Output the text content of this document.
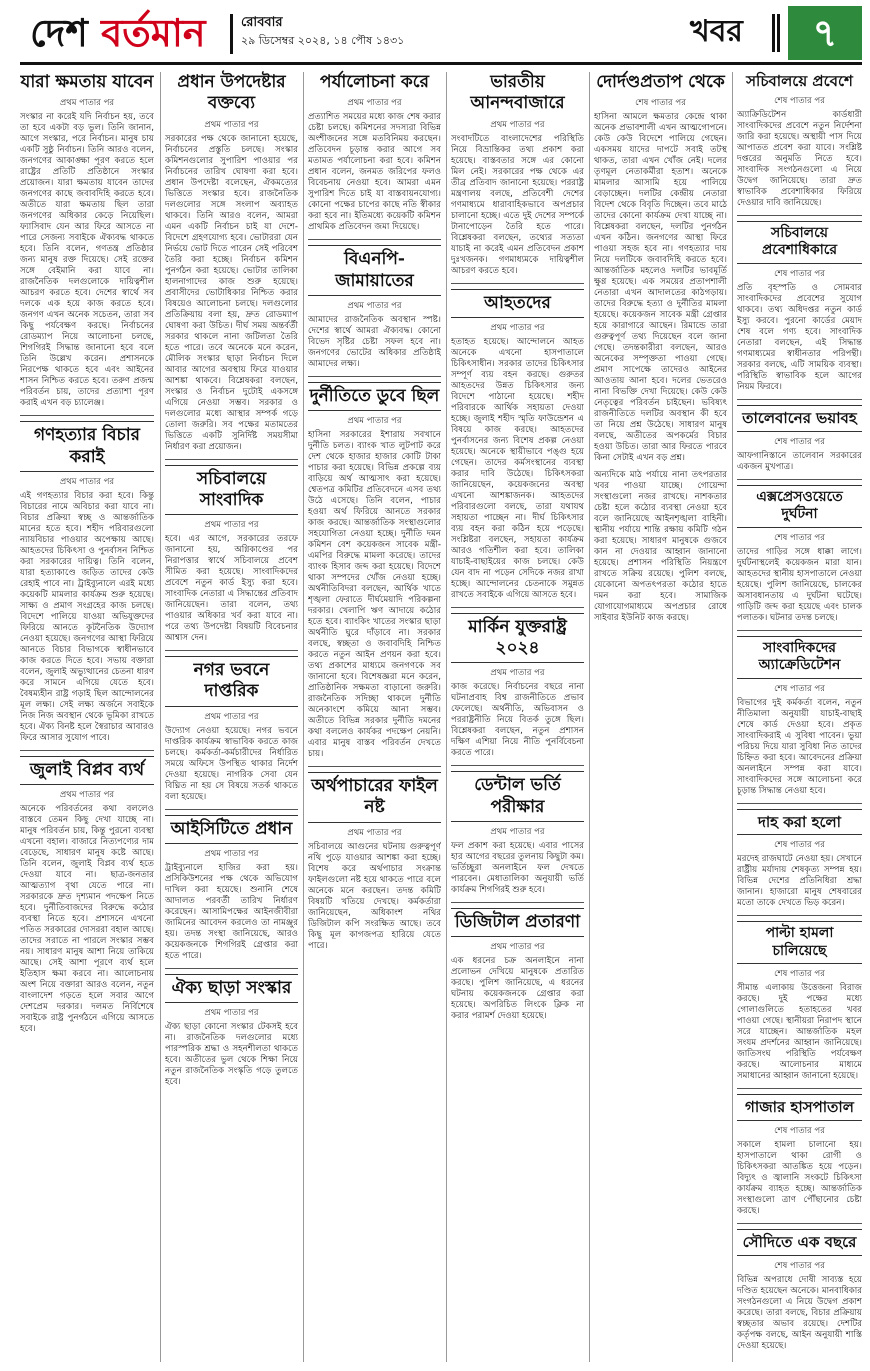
দেশ বর্তমান	রোববার
২৯ ডিসেম্বর ২০২৪, ১৪ পৌষ ১৪৩১	খবর	৭
যারা ক্ষমতায় যাবেন
প্রথম পাতার পর

সংস্কার না করেই যদি নির্বাচন হয়, তবে তা হবে একটা বড় ভুল। তিনি জানান, আগে সংস্কার, পরে নির্বাচন। মানুষ চায় একটি সুষ্ঠু নির্বাচন। তিনি আরও বলেন, জনগণের আকাঙ্ক্ষা পূরণ করতে হলে রাষ্ট্রের প্রতিটি প্রতিষ্ঠানে সংস্কার প্রয়োজন। যারা ক্ষমতায় যাবেন তাদের জনগণের কাছে জবাবদিহি করতে হবে। অতীতে যারা ক্ষমতায় ছিল তারা জনগণের অধিকার কেড়ে নিয়েছিল। ফ্যাসিবাদ যেন আর ফিরে আসতে না পারে সেজন্য সবাইকে ঐক্যবদ্ধ থাকতে হবে। তিনি বলেন, গণতন্ত্র প্রতিষ্ঠার জন্য মানুষ রক্ত দিয়েছে। সেই রক্তের সঙ্গে বেইমানি করা যাবে না। রাজনৈতিক দলগুলোকে দায়িত্বশীল আচরণ করতে হবে। দেশের স্বার্থে সব দলকে এক হয়ে কাজ করতে হবে। জনগণ এখন অনেক সচেতন, তারা সব কিছু পর্যবেক্ষণ করছে। নির্বাচনের রোডম্যাপ নিয়ে আলোচনা চলছে, শিগগিরই সিদ্ধান্ত জানানো হবে বলে তিনি উল্লেখ করেন। প্রশাসনকে নিরপেক্ষ থাকতে হবে এবং আইনের শাসন নিশ্চিত করতে হবে। তরুণ প্রজন্ম পরিবর্তন চায়, তাদের প্রত্যাশা পূরণ করাই এখন বড় চ্যালেঞ্জ।

গণহত্যার বিচার করাই
প্রথম পাতার পর

এই গণহত্যার বিচার করা হবে। কিন্তু বিচারের নামে অবিচার করা যাবে না। বিচার প্রক্রিয়া স্বচ্ছ ও আন্তর্জাতিক মানের হতে হবে। শহীদ পরিবারগুলো ন্যায়বিচার পাওয়ার অপেক্ষায় আছে। আহতদের চিকিৎসা ও পুনর্বাসন নিশ্চিত করা সরকারের দায়িত্ব। তিনি বলেন, যারা হত্যাকাণ্ডে জড়িত তাদের কেউ রেহাই পাবে না। ট্রাইব্যুনালে এরই মধ্যে কয়েকটি মামলার কার্যক্রম শুরু হয়েছে। সাক্ষ্য ও প্রমাণ সংগ্রহের কাজ চলছে। বিদেশে পালিয়ে যাওয়া অভিযুক্তদের ফিরিয়ে আনতে কূটনৈতিক উদ্যোগ নেওয়া হয়েছে। জনগণের আস্থা ফিরিয়ে আনতে বিচার বিভাগকে স্বাধীনভাবে কাজ করতে দিতে হবে। সভায় বক্তারা বলেন, জুলাই অভ্যুত্থানের চেতনা ধারণ করে সামনে এগিয়ে যেতে হবে। বৈষম্যহীন রাষ্ট্র গড়াই ছিল আন্দোলনের মূল লক্ষ্য। সেই লক্ষ্য অর্জনে সবাইকে নিজ নিজ অবস্থান থেকে ভূমিকা রাখতে হবে। ঐক্য বিনষ্ট হলে স্বৈরাচার আবারও ফিরে আসার সুযোগ পাবে।

জুলাই বিপ্লব ব্যর্থ
প্রথম পাতার পর

অনেকে পরিবর্তনের কথা বললেও বাস্তবে তেমন কিছু দেখা যাচ্ছে না। মানুষ পরিবর্তন চায়, কিন্তু পুরনো ব্যবস্থা এখনো বহাল। বাজারে নিত্যপণ্যের দাম বেড়েছে, সাধারণ মানুষ কষ্টে আছে। তিনি বলেন, জুলাই বিপ্লব ব্যর্থ হতে দেওয়া যাবে না। ছাত্র-জনতার আত্মত্যাগ বৃথা যেতে পারে না। সরকারকে দ্রুত দৃশ্যমান পদক্ষেপ নিতে হবে। দুর্নীতিবাজদের বিরুদ্ধে কঠোর ব্যবস্থা নিতে হবে। প্রশাসনে এখনো পতিত সরকারের দোসররা বহাল আছে। তাদের সরাতে না পারলে সংস্কার সম্ভব নয়। সাধারণ মানুষ আশা নিয়ে তাকিয়ে আছে। সেই আশা পূরণে ব্যর্থ হলে ইতিহাস ক্ষমা করবে না। আলোচনায় অংশ নিয়ে বক্তারা আরও বলেন, নতুন বাংলাদেশ গড়তে হলে সবার আগে দেশপ্রেম দরকার। দলমত নির্বিশেষে সবাইকে রাষ্ট্র পুনর্গঠনে এগিয়ে আসতে হবে।

প্রধান উপদেষ্টার বক্তব্যে
প্রথম পাতার পর

সরকারের পক্ষ থেকে জানানো হয়েছে, নির্বাচনের প্রস্তুতি চলছে। সংস্কার কমিশনগুলোর সুপারিশ পাওয়ার পর নির্বাচনের তারিখ ঘোষণা করা হবে। প্রধান উপদেষ্টা বলেছেন, ঐকমত্যের ভিত্তিতে সংস্কার হবে। রাজনৈতিক দলগুলোর সঙ্গে সংলাপ অব্যাহত থাকবে। তিনি আরও বলেন, আমরা এমন একটি নির্বাচন চাই যা দেশে-বিদেশে গ্রহণযোগ্য হবে। ভোটাররা যেন নির্ভয়ে ভোট দিতে পারেন সেই পরিবেশ তৈরি করা হচ্ছে। নির্বাচন কমিশন পুনর্গঠন করা হয়েছে। ভোটার তালিকা হালনাগাদের কাজ শুরু হয়েছে। প্রবাসীদের ভোটাধিকার নিশ্চিত করার বিষয়েও আলোচনা চলছে। দলগুলোর প্রতিক্রিয়ায় বলা হয়, দ্রুত রোডম্যাপ ঘোষণা করা উচিত। দীর্ঘ সময় অন্তর্বর্তী সরকার থাকলে নানা জটিলতা তৈরি হতে পারে। তবে অনেকে মনে করেন, মৌলিক সংস্কার ছাড়া নির্বাচন দিলে আবার আগের অবস্থায় ফিরে যাওয়ার আশঙ্কা থাকবে। বিশ্লেষকরা বলছেন, সংস্কার ও নির্বাচন দুটোই একসঙ্গে এগিয়ে নেওয়া সম্ভব। সরকার ও দলগুলোর মধ্যে আস্থার সম্পর্ক গড়ে তোলা জরুরি। সব পক্ষের মতামতের ভিত্তিতে একটি সুনির্দিষ্ট সময়সীমা নির্ধারণ করা প্রয়োজন।

সচিবালয়ে সাংবাদিক
প্রথম পাতার পর

হবে। এর আগে, সরকারের তরফে জানানো হয়, অগ্নিকাণ্ডের পর নিরাপত্তার স্বার্থে সচিবালয়ে প্রবেশ সীমিত করা হয়েছে। সাংবাদিকদের প্রবেশে নতুন কার্ড ইস্যু করা হবে। সাংবাদিক নেতারা এ সিদ্ধান্তের প্রতিবাদ জানিয়েছেন। তারা বলেন, তথ্য পাওয়ার অধিকার খর্ব করা যাবে না। পরে তথ্য উপদেষ্টা বিষয়টি বিবেচনার আশ্বাস দেন।

নগর ভবনে দাপ্তরিক
প্রথম পাতার পর

উদ্যোগ নেওয়া হয়েছে। নগর ভবনে দাপ্তরিক কার্যক্রম স্বাভাবিক করতে কাজ চলছে। কর্মকর্তা-কর্মচারীদের নির্ধারিত সময়ে অফিসে উপস্থিত থাকার নির্দেশ দেওয়া হয়েছে। নাগরিক সেবা যেন বিঘ্নিত না হয় সে বিষয়ে সতর্ক থাকতে বলা হয়েছে।

আইসিটিতে প্রধান
প্রথম পাতার পর

ট্রাইব্যুনালে হাজির করা হয়। প্রসিকিউশনের পক্ষ থেকে অভিযোগ দাখিল করা হয়েছে। শুনানি শেষে আদালত পরবর্তী তারিখ নির্ধারণ করেছেন। আসামিপক্ষের আইনজীবীরা জামিনের আবেদন করলেও তা নামঞ্জুর হয়। তদন্ত সংস্থা জানিয়েছে, আরও কয়েকজনকে শিগগিরই গ্রেপ্তার করা হতে পারে।

ঐক্য ছাড়া সংস্কার
প্রথম পাতার পর

ঐক্য ছাড়া কোনো সংস্কার টেকসই হবে না। রাজনৈতিক দলগুলোর মধ্যে পারস্পরিক শ্রদ্ধা ও সহনশীলতা থাকতে হবে। অতীতের ভুল থেকে শিক্ষা নিয়ে নতুন রাজনৈতিক সংস্কৃতি গড়ে তুলতে হবে।

পর্যালোচনা করে
প্রথম পাতার পর

প্রত্যাশিত সময়ের মধ্যে কাজ শেষ করার চেষ্টা চলছে। কমিশনের সদস্যরা বিভিন্ন অংশীজনের সঙ্গে মতবিনিময় করছেন। প্রতিবেদন চূড়ান্ত করার আগে সব মতামত পর্যালোচনা করা হবে। কমিশন প্রধান বলেন, জনমত জরিপের ফলও বিবেচনায় নেওয়া হবে। আমরা এমন সুপারিশ দিতে চাই যা বাস্তবায়নযোগ্য। কোনো পক্ষের চাপের কাছে নতি স্বীকার করা হবে না। ইতিমধ্যে কয়েকটি কমিশন প্রাথমিক প্রতিবেদন জমা দিয়েছে।

বিএনপি-জামায়াতের
প্রথম পাতার পর

আমাদের রাজনৈতিক অবস্থান স্পষ্ট। দেশের স্বার্থে আমরা ঐক্যবদ্ধ। কোনো বিভেদ সৃষ্টির চেষ্টা সফল হবে না। জনগণের ভোটের অধিকার প্রতিষ্ঠাই আমাদের লক্ষ্য।

দুর্নীতিতে ডুবে ছিল
প্রথম পাতার পর

হাসিনা সরকারের ইশারায় সবখানে দুর্নীতি চলত। ব্যাংক খাত লুটপাট করে দেশ থেকে হাজার হাজার কোটি টাকা পাচার করা হয়েছে। বিভিন্ন প্রকল্পে ব্যয় বাড়িয়ে অর্থ আত্মসাৎ করা হয়েছে। শ্বেতপত্র কমিটির প্রতিবেদনে এসব তথ্য উঠে এসেছে। তিনি বলেন, পাচার হওয়া অর্থ ফিরিয়ে আনতে সরকার কাজ করছে। আন্তর্জাতিক সংস্থাগুলোর সহযোগিতা নেওয়া হচ্ছে। দুর্নীতি দমন কমিশন বেশ কয়েকজন সাবেক মন্ত্রী-এমপির বিরুদ্ধে মামলা করেছে। তাদের ব্যাংক হিসাব জব্দ করা হয়েছে। বিদেশে থাকা সম্পদের খোঁজ নেওয়া হচ্ছে। অর্থনীতিবিদরা বলছেন, আর্থিক খাতে শৃঙ্খলা ফেরাতে দীর্ঘমেয়াদি পরিকল্পনা দরকার। খেলাপি ঋণ আদায়ে কঠোর হতে হবে। ব্যাংকিং খাতের সংস্কার ছাড়া অর্থনীতি ঘুরে দাঁড়াবে না। সরকার বলছে, স্বচ্ছতা ও জবাবদিহি নিশ্চিত করতে নতুন আইন প্রণয়ন করা হবে। তথ্য প্রকাশের মাধ্যমে জনগণকে সব জানানো হবে। বিশেষজ্ঞরা মনে করেন, প্রাতিষ্ঠানিক সক্ষমতা বাড়ানো জরুরি। রাজনৈতিক সদিচ্ছা থাকলে দুর্নীতি অনেকাংশে কমিয়ে আনা সম্ভব। অতীতে বিভিন্ন সরকার দুর্নীতি দমনের কথা বললেও কার্যকর পদক্ষেপ নেয়নি। এবার মানুষ বাস্তব পরিবর্তন দেখতে চায়।

অর্থপাচারের ফাইল নষ্ট
প্রথম পাতার পর

সচিবালয়ে আগুনের ঘটনায় গুরুত্বপূর্ণ নথি পুড়ে যাওয়ার আশঙ্কা করা হচ্ছে। বিশেষ করে অর্থপাচার সংক্রান্ত ফাইলগুলো নষ্ট হয়ে থাকতে পারে বলে অনেকে মনে করছেন। তদন্ত কমিটি বিষয়টি খতিয়ে দেখছে। কর্মকর্তারা জানিয়েছেন, অধিকাংশ নথির ডিজিটাল কপি সংরক্ষিত আছে। তবে কিছু মূল কাগজপত্র হারিয়ে যেতে পারে।

ভারতীয় আনন্দবাজারে
প্রথম পাতার পর

সংবাদটিতে বাংলাদেশের পরিস্থিতি নিয়ে বিভ্রান্তিকর তথ্য প্রকাশ করা হয়েছে। বাস্তবতার সঙ্গে এর কোনো মিল নেই। সরকারের পক্ষ থেকে এর তীব্র প্রতিবাদ জানানো হয়েছে। পররাষ্ট্র মন্ত্রণালয় বলছে, প্রতিবেশী দেশের গণমাধ্যমে ধারাবাহিকভাবে অপপ্রচার চালানো হচ্ছে। এতে দুই দেশের সম্পর্কে টানাপোড়েন তৈরি হতে পারে। বিশ্লেষকরা বলছেন, তথ্যের সত্যতা যাচাই না করেই এমন প্রতিবেদন প্রকাশ দুঃখজনক। গণমাধ্যমকে দায়িত্বশীল আচরণ করতে হবে।

আহতদের
প্রথম পাতার পর

হতাহত হয়েছে। আন্দোলনে আহত অনেকে এখনো হাসপাতালে চিকিৎসাধীন। সরকার তাদের চিকিৎসার সম্পূর্ণ ব্যয় বহন করছে। গুরুতর আহতদের উন্নত চিকিৎসার জন্য বিদেশে পাঠানো হয়েছে। শহীদ পরিবারকে আর্থিক সহায়তা দেওয়া হচ্ছে। জুলাই শহীদ স্মৃতি ফাউন্ডেশন এ বিষয়ে কাজ করছে। আহতদের পুনর্বাসনের জন্য বিশেষ প্রকল্প নেওয়া হয়েছে। অনেকে স্থায়ীভাবে পঙ্গু হয়ে গেছেন। তাদের কর্মসংস্থানের ব্যবস্থা করার দাবি উঠেছে। চিকিৎসকরা জানিয়েছেন, কয়েকজনের অবস্থা এখনো আশঙ্কাজনক। আহতদের পরিবারগুলো বলছে, তারা যথাযথ সহায়তা পাচ্ছেন না। দীর্ঘ চিকিৎসার ব্যয় বহন করা কঠিন হয়ে পড়েছে। সংশ্লিষ্টরা বলছেন, সহায়তা কার্যক্রম আরও গতিশীল করা হবে। তালিকা যাচাই-বাছাইয়ের কাজ চলছে। কেউ যেন বাদ না পড়েন সেদিকে নজর রাখা হচ্ছে। আন্দোলনের চেতনাকে সমুন্নত রাখতে সবাইকে এগিয়ে আসতে হবে।

মার্কিন যুক্তরাষ্ট্র ২০২৪
প্রথম পাতার পর

কাজ করেছে। নির্বাচনের বছরে নানা ঘটনাপ্রবাহ বিশ্ব রাজনীতিতে প্রভাব ফেলেছে। অর্থনীতি, অভিবাসন ও পররাষ্ট্রনীতি নিয়ে বিতর্ক তুঙ্গে ছিল। বিশ্লেষকরা বলছেন, নতুন প্রশাসন দক্ষিণ এশিয়া নিয়ে নীতি পুনর্বিবেচনা করতে পারে।

ডেন্টাল ভর্তি পরীক্ষার
প্রথম পাতার পর

ফল প্রকাশ করা হয়েছে। এবার পাসের হার আগের বছরের তুলনায় কিছুটা কম। ভর্তিচ্ছুরা অনলাইনে ফল দেখতে পারবেন। মেধাতালিকা অনুযায়ী ভর্তি কার্যক্রম শিগগিরই শুরু হবে।

ডিজিটাল প্রতারণা
প্রথম পাতার পর

এক ধরনের চক্র অনলাইনে নানা প্রলোভন দেখিয়ে মানুষকে প্রতারিত করছে। পুলিশ জানিয়েছে, এ ধরনের ঘটনায় কয়েকজনকে গ্রেপ্তার করা হয়েছে। অপরিচিত লিংকে ক্লিক না করার পরামর্শ দেওয়া হয়েছে।

দোর্দণ্ডপ্রতাপ থেকে
শেষ পাতার পর

হাসিনা আমলে ক্ষমতার কেন্দ্রে থাকা অনেক প্রভাবশালী এখন আত্মগোপনে। কেউ কেউ বিদেশে পালিয়ে গেছেন। একসময় যাদের দাপটে সবাই তটস্থ থাকত, তারা এখন খোঁজ নেই। দলের তৃণমূল নেতাকর্মীরা হতাশ। অনেকে মামলার আসামি হয়ে পালিয়ে বেড়াচ্ছেন। দলটির কেন্দ্রীয় নেতারা বিদেশ থেকে বিবৃতি দিচ্ছেন। তবে মাঠে তাদের কোনো কার্যক্রম দেখা যাচ্ছে না। বিশ্লেষকরা বলছেন, দলটির পুনর্গঠন এখন কঠিন। জনগণের আস্থা ফিরে পাওয়া সহজ হবে না। গণহত্যার দায় নিয়ে দলটিকে জবাবদিহি করতে হবে। আন্তর্জাতিক মহলেও দলটির ভাবমূর্তি ক্ষুণ্ণ হয়েছে। এক সময়ের প্রতাপশালী নেতারা এখন আদালতের কাঠগড়ায়। তাদের বিরুদ্ধে হত্যা ও দুর্নীতির মামলা হয়েছে। কয়েকজন সাবেক মন্ত্রী গ্রেপ্তার হয়ে কারাগারে আছেন। রিমান্ডে তারা গুরুত্বপূর্ণ তথ্য দিয়েছেন বলে জানা গেছে। তদন্তকারীরা বলছেন, আরও অনেকের সম্পৃক্ততা পাওয়া গেছে। প্রমাণ সাপেক্ষে তাদেরও আইনের আওতায় আনা হবে। দলের ভেতরেও নানা বিভক্তি দেখা দিয়েছে। কেউ কেউ নেতৃত্বের পরিবর্তন চাইছেন। ভবিষ্যৎ রাজনীতিতে দলটির অবস্থান কী হবে তা নিয়ে প্রশ্ন উঠেছে। সাধারণ মানুষ বলছে, অতীতের অপকর্মের বিচার হওয়া উচিত। তারা আর ফিরতে পারবে কিনা সেটাই এখন বড় প্রশ্ন।

অন্যদিকে মাঠ পর্যায়ে নানা তৎপরতার খবর পাওয়া যাচ্ছে। গোয়েন্দা সংস্থাগুলো নজর রাখছে। নাশকতার চেষ্টা হলে কঠোর ব্যবস্থা নেওয়া হবে বলে জানিয়েছে আইনশৃঙ্খলা বাহিনী। স্থানীয় পর্যায়ে শান্তি রক্ষায় কমিটি গঠন করা হয়েছে। সাধারণ মানুষকে গুজবে কান না দেওয়ার আহ্বান জানানো হয়েছে। প্রশাসন পরিস্থিতি নিয়ন্ত্রণে রাখতে সক্রিয় রয়েছে। পুলিশ বলছে, যেকোনো অপতৎপরতা কঠোর হাতে দমন করা হবে। সামাজিক যোগাযোগমাধ্যমে অপপ্রচার রোধে সাইবার ইউনিট কাজ করছে।

সচিবালয়ে প্রবেশে
শেষ পাতার পর

অ্যাক্রিডিটেশন কার্ডধারী সাংবাদিকদের প্রবেশে নতুন নির্দেশনা জারি করা হয়েছে। অস্থায়ী পাস দিয়ে আপাতত প্রবেশ করা যাবে। সংশ্লিষ্ট দপ্তরের অনুমতি নিতে হবে। সাংবাদিক সংগঠনগুলো এ নিয়ে উদ্বেগ জানিয়েছে। তারা দ্রুত স্বাভাবিক প্রবেশাধিকার ফিরিয়ে দেওয়ার দাবি জানিয়েছে।

সচিবালয়ে প্রবেশাধিকারে
শেষ পাতার পর

প্রতি বৃহস্পতি ও সোমবার সাংবাদিকদের প্রবেশের সুযোগ থাকবে। তথ্য অধিদপ্তর নতুন কার্ড ইস্যু করবে। পুরনো কার্ডের মেয়াদ শেষ বলে গণ্য হবে। সাংবাদিক নেতারা বলছেন, এই সিদ্ধান্ত গণমাধ্যমের স্বাধীনতার পরিপন্থী। সরকার বলছে, এটি সাময়িক ব্যবস্থা। পরিস্থিতি স্বাভাবিক হলে আগের নিয়ম ফিরবে।

তালেবানের ভয়াবহ
শেষ পাতার পর

আফগানিস্তানে তালেবান সরকারের একজন মুখপাত্র।

এক্সপ্রেসওয়েতে দুর্ঘটনা
শেষ পাতার পর

তাদের গাড়ির সঙ্গে ধাক্কা লাগে। দুর্ঘটনাস্থলেই কয়েকজন মারা যান। আহতদের স্থানীয় হাসপাতালে নেওয়া হয়েছে। পুলিশ জানিয়েছে, চালকের অসাবধানতায় এ দুর্ঘটনা ঘটেছে। গাড়িটি জব্দ করা হয়েছে এবং চালক পলাতক। ঘটনার তদন্ত চলছে।

সাংবাদিকদের অ্যাক্রেডিটেশন
শেষ পাতার পর

বিভাগের দুই কর্মকর্তা বলেন, নতুন নীতিমালা অনুযায়ী যাচাই-বাছাই শেষে কার্ড দেওয়া হবে। প্রকৃত সাংবাদিকরাই এ সুবিধা পাবেন। ভুয়া পরিচয় দিয়ে যারা সুবিধা নিত তাদের চিহ্নিত করা হবে। আবেদনের প্রক্রিয়া অনলাইনে সম্পন্ন করা যাবে। সাংবাদিকদের সঙ্গে আলোচনা করে চূড়ান্ত সিদ্ধান্ত নেওয়া হবে।

দাহ করা হলো
শেষ পাতার পর

মরদেহ রাজঘাটে নেওয়া হয়। সেখানে রাষ্ট্রীয় মর্যাদায় শেষকৃত্য সম্পন্ন হয়। বিভিন্ন দেশের প্রতিনিধিরা শ্রদ্ধা জানান। হাজারো মানুষ শেষবারের মতো তাকে দেখতে ভিড় করেন।

পাল্টা হামলা চালিয়েছে
শেষ পাতার পর

সীমান্ত এলাকায় উত্তেজনা বিরাজ করছে। দুই পক্ষের মধ্যে গোলাগুলিতে হতাহতের খবর পাওয়া গেছে। স্থানীয়রা নিরাপদ স্থানে সরে যাচ্ছেন। আন্তর্জাতিক মহল সংযম প্রদর্শনের আহ্বান জানিয়েছে। জাতিসংঘ পরিস্থিতি পর্যবেক্ষণ করছে। আলোচনার মাধ্যমে সমাধানের আহ্বান জানানো হয়েছে।

গাজার হাসপাতাল
শেষ পাতার পর

সকালে হামলা চালানো হয়। হাসপাতালে থাকা রোগী ও চিকিৎসকরা আতঙ্কিত হয়ে পড়েন। বিদ্যুৎ ও জ্বালানি সংকটে চিকিৎসা কার্যক্রম ব্যাহত হচ্ছে। আন্তর্জাতিক সংস্থাগুলো ত্রাণ পৌঁছানোর চেষ্টা করছে।

সৌদিতে এক বছরে
শেষ পাতার পর

বিভিন্ন অপরাধে দোষী সাব্যস্ত হয়ে দণ্ডিত হয়েছেন অনেকে। মানবাধিকার সংগঠনগুলো এ নিয়ে উদ্বেগ প্রকাশ করেছে। তারা বলছে, বিচার প্রক্রিয়ায় স্বচ্ছতার অভাব রয়েছে। দেশটির কর্তৃপক্ষ বলছে, আইন অনুযায়ী শাস্তি দেওয়া হয়েছে।
